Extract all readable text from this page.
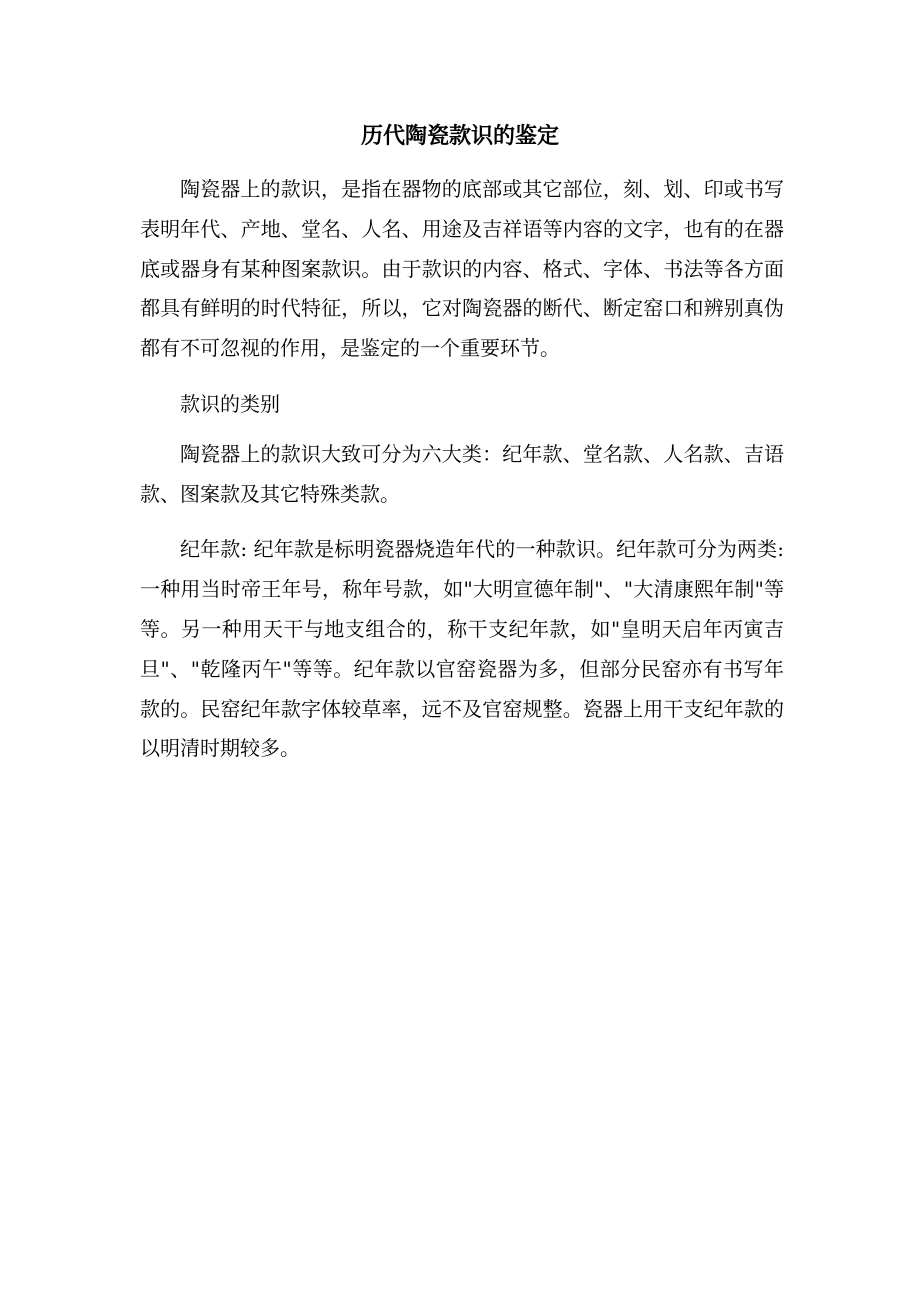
历代陶瓷款识的鉴定

陶瓷器上的款识，是指在器物的底部或其它部位，刻、划、印或书写表明年代、产地、堂名、人名、用途及吉祥语等内容的文字，也有的在器底或器身有某种图案款识。由于款识的内容、格式、字体、书法等各方面都具有鲜明的时代特征，所以，它对陶瓷器的断代、断定窑口和辨别真伪都有不可忽视的作用，是鉴定的一个重要环节。

款识的类别

陶瓷器上的款识大致可分为六大类：纪年款、堂名款、人名款、吉语款、图案款及其它特殊类款。

纪年款: 纪年款是标明瓷器烧造年代的一种款识。纪年款可分为两类: 一种用当时帝王年号，称年号款，如"大明宣德年制"、"大清康熙年制"等等。另一种用天干与地支组合的，称干支纪年款，如"皇明天启年丙寅吉旦"、"乾隆丙午"等等。纪年款以官窑瓷器为多，但部分民窑亦有书写年款的。民窑纪年款字体较草率，远不及官窑规整。瓷器上用干支纪年款的以明清时期较多。
